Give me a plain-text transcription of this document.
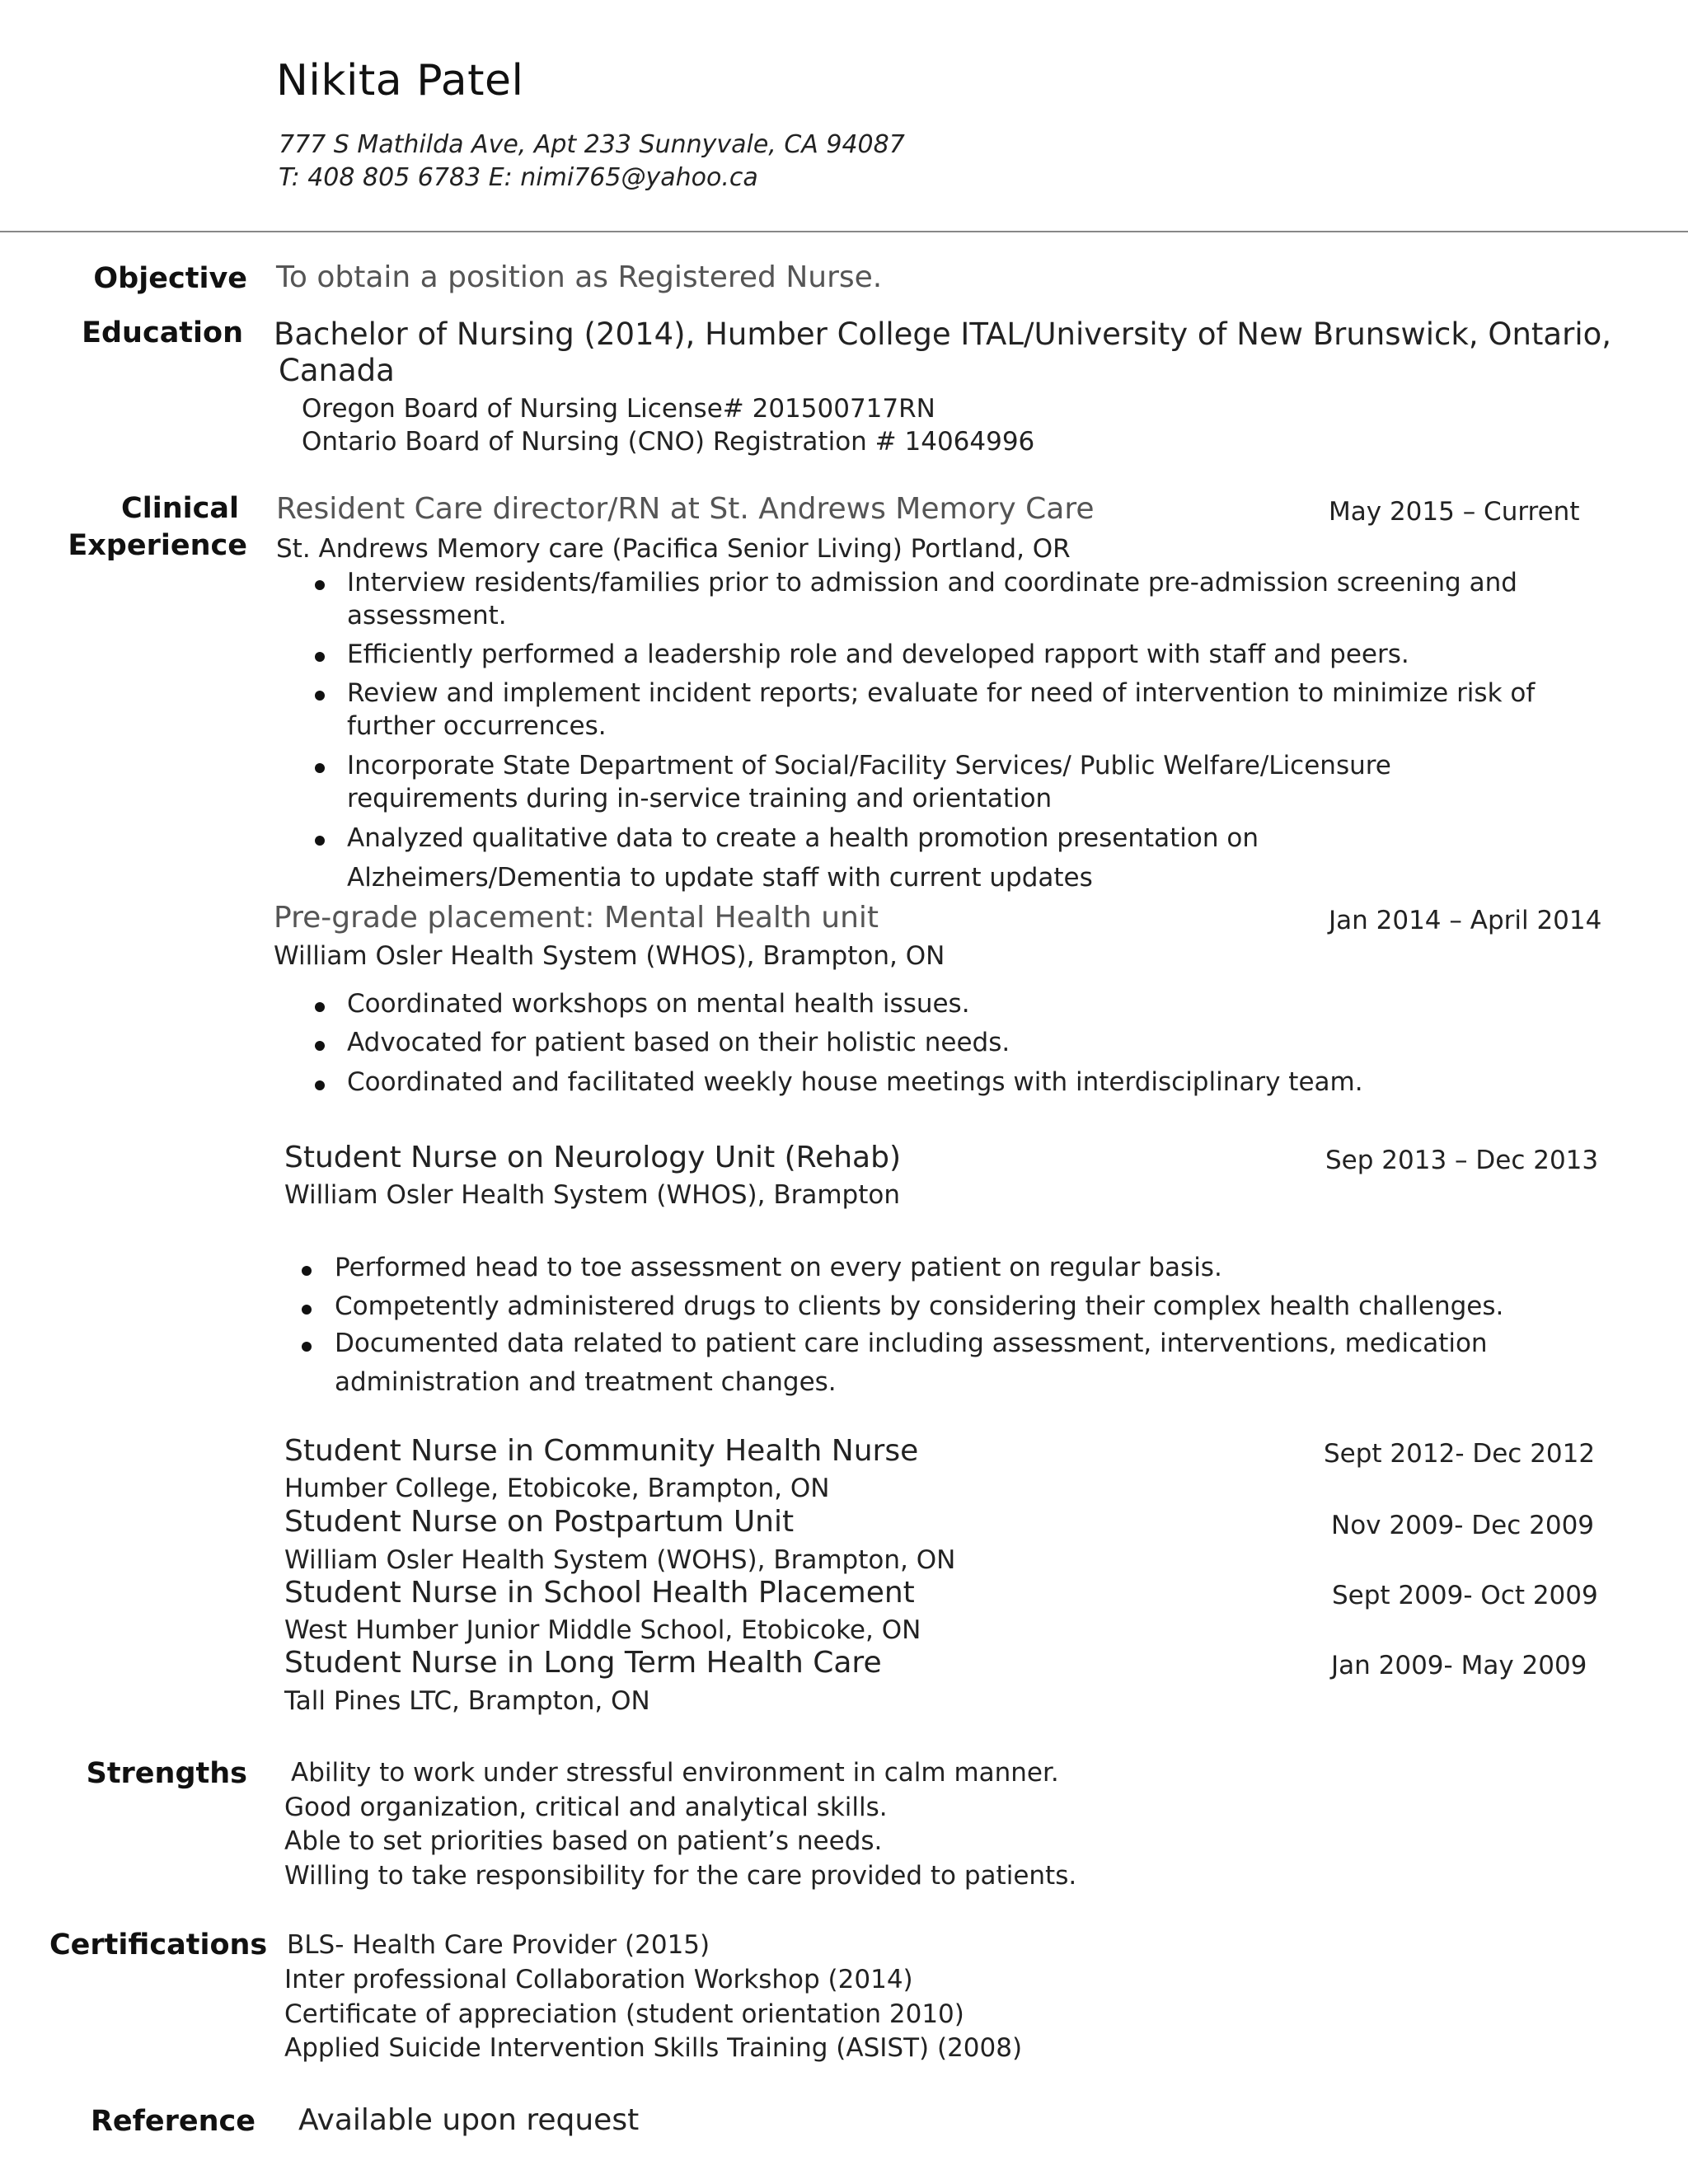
Nikita Patel
777 S Mathilda Ave, Apt 233 Sunnyvale, CA 94087
T: 408 805 6783 E: nimi765@yahoo.ca
Objective To obtain a position as Registered Nurse.
Education Bachelor of Nursing (2014), Humber College ITAL/University of New Brunswick, Ontario,
Canada
Oregon Board of Nursing License# 201500717RN
Ontario Board of Nursing (CNO) Registration # 14064996
Clinical
Experience
Resident Care director/RN at St. Andrews Memory Care	May 2015 – Current
St. Andrews Memory care (Pacifica Senior Living) Portland, OR
Interview residents/families prior to admission and coordinate pre-admission screening and
assessment.
Efficiently performed a leadership role and developed rapport with staff and peers.
Review and implement incident reports; evaluate for need of intervention to minimize risk of
further occurrences.
Incorporate State Department of Social/Facility Services/ Public Welfare/Licensure
requirements during in-service training and orientation
Analyzed qualitative data to create a health promotion presentation on
Alzheimers/Dementia to update staff with current updates
Pre-grade placement: Mental Health unit	Jan 2014 – April 2014
William Osler Health System (WHOS), Brampton, ON
Coordinated workshops on mental health issues.
Advocated for patient based on their holistic needs.
Coordinated and facilitated weekly house meetings with interdisciplinary team.
Student Nurse on Neurology Unit (Rehab)	Sep 2013 – Dec 2013
William Osler Health System (WHOS), Brampton
Performed head to toe assessment on every patient on regular basis.
Competently administered drugs to clients by considering their complex health challenges.
Documented data related to patient care including assessment, interventions, medication
administration and treatment changes.
Student Nurse in Community Health Nurse	Sept 2012- Dec 2012
Humber College, Etobicoke, Brampton, ON
Student Nurse on Postpartum Unit	Nov 2009- Dec 2009
William Osler Health System (WOHS), Brampton, ON
Student Nurse in School Health Placement	Sept 2009- Oct 2009
West Humber Junior Middle School, Etobicoke, ON
Student Nurse in Long Term Health Care	Jan 2009- May 2009
Tall Pines LTC, Brampton, ON
Strengths Ability to work under stressful environment in calm manner.
Good organization, critical and analytical skills.
Able to set priorities based on patient’s needs.
Willing to take responsibility for the care provided to patients.
Certifications BLS- Health Care Provider (2015)
Inter professional Collaboration Workshop (2014)
Certificate of appreciation (student orientation 2010)
Applied Suicide Intervention Skills Training (ASIST) (2008)
Reference Available upon request
